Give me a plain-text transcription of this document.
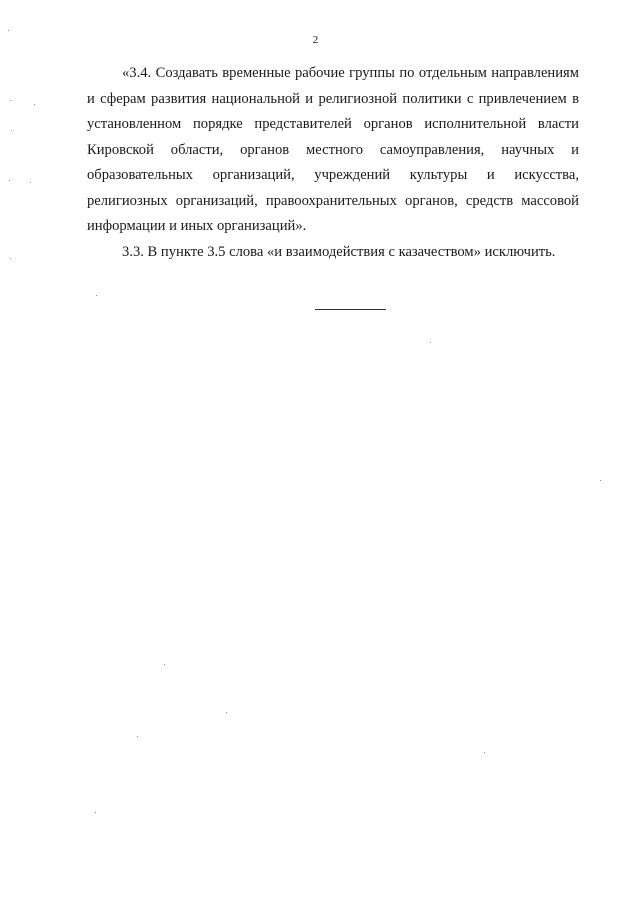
2

«3.4. Создавать временные рабочие группы по отдельным направлениям и сферам развития национальной и религиозной политики с привлечением в установленном порядке представителей органов исполнительной власти Кировской области, органов местного самоуправления, научных и образовательных организаций, учреждений культуры и искусства, религиозных организаций, правоохранительных органов, средств массовой информации и иных организаций».

3.3. В пункте 3.5 слова «и взаимодействия с казачеством» исключить.
